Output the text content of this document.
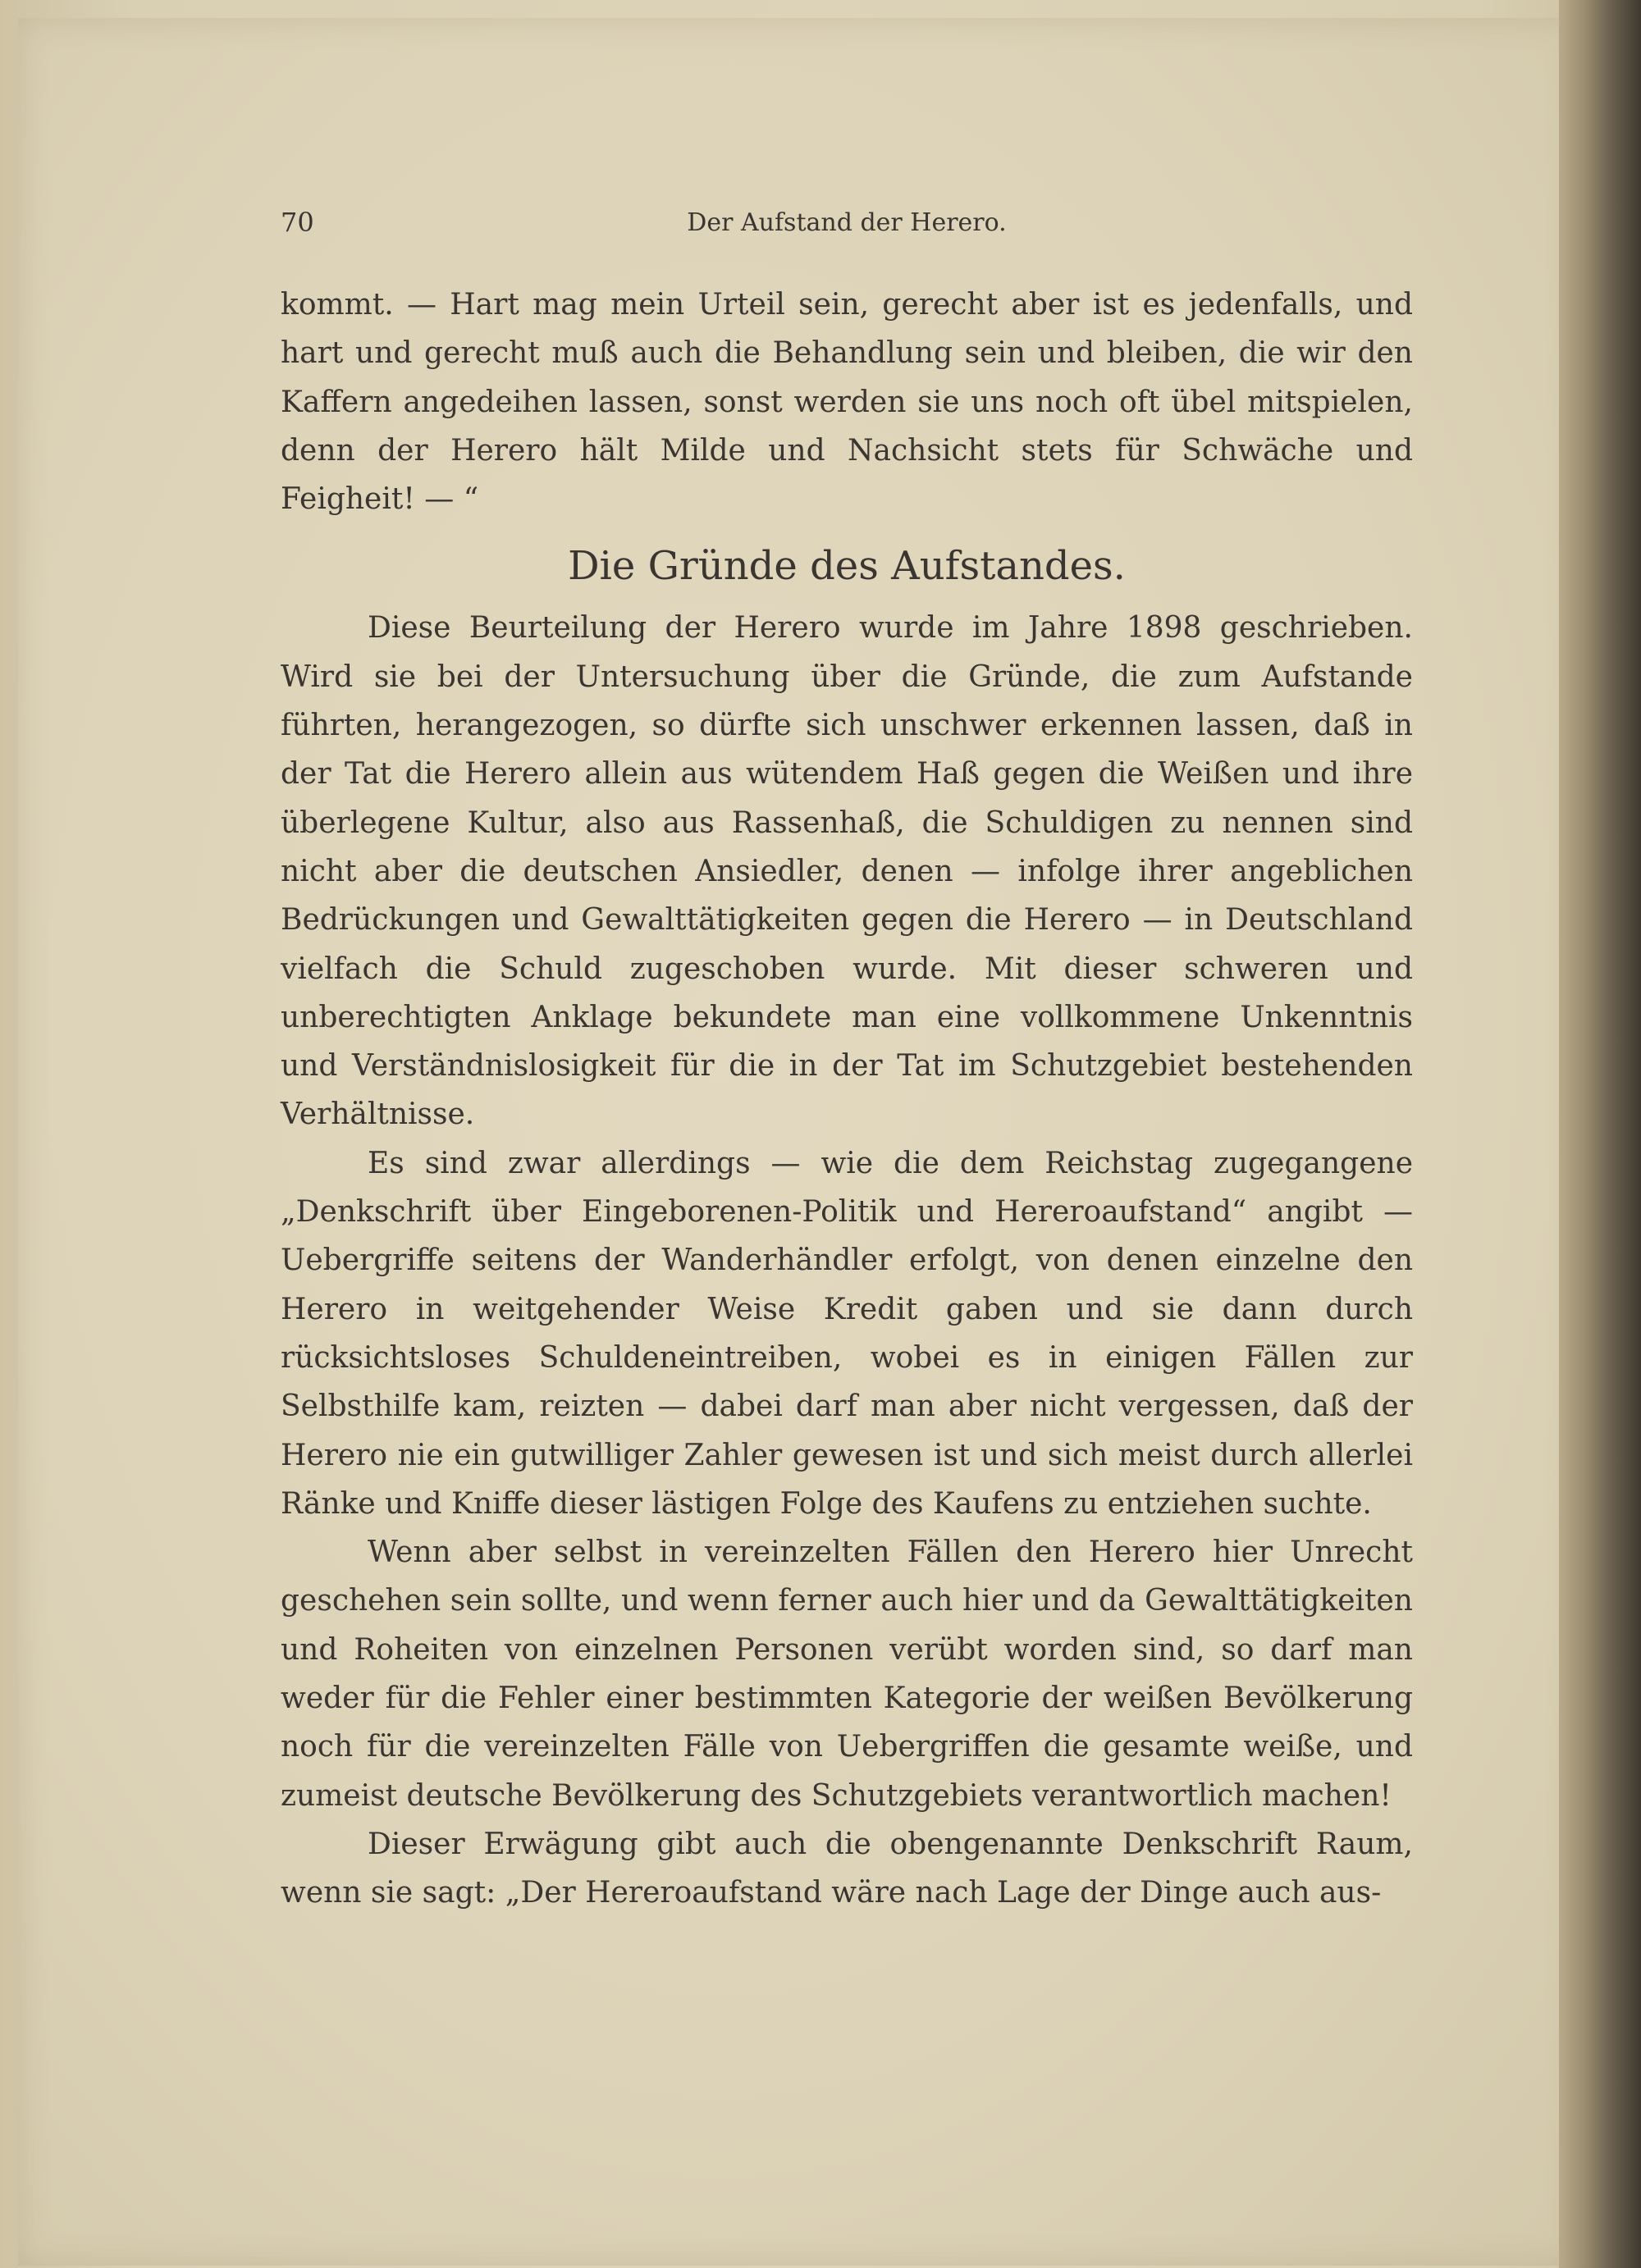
70	Der Aufstand der Herero.

kommt. — Hart mag mein Urteil sein, gerecht aber ist es jedenfalls, und hart und gerecht muß auch die Behandlung sein und bleiben, die wir den Kaffern angedeihen lassen, sonst werden sie uns noch oft übel mitspielen, denn der Herero hält Milde und Nachsicht stets für Schwäche und Feigheit! — “

Die Gründe des Aufstandes.

Diese Beurteilung der Herero wurde im Jahre 1898 geschrieben. Wird sie bei der Untersuchung über die Gründe, die zum Aufstande führten, herangezogen, so dürfte sich unschwer erkennen lassen, daß in der Tat die Herero allein aus wütendem Haß gegen die Weißen und ihre überlegene Kultur, also aus Rassenhaß, die Schuldigen zu nennen sind nicht aber die deutschen Ansiedler, denen — infolge ihrer angeblichen Bedrückungen und Gewalttätigkeiten gegen die Herero — in Deutschland vielfach die Schuld zugeschoben wurde. Mit dieser schweren und unberechtigten Anklage bekundete man eine vollkommene Unkenntnis und Verständnislosigkeit für die in der Tat im Schutzgebiet bestehenden Verhältnisse.

Es sind zwar allerdings — wie die dem Reichstag zugegangene „Denkschrift über Eingeborenen-Politik und Hereroaufstand“ angibt — Uebergriffe seitens der Wanderhändler erfolgt, von denen einzelne den Herero in weitgehender Weise Kredit gaben und sie dann durch rücksichtsloses Schuldeneintreiben, wobei es in einigen Fällen zur Selbsthilfe kam, reizten — dabei darf man aber nicht vergessen, daß der Herero nie ein gutwilliger Zahler gewesen ist und sich meist durch allerlei Ränke und Kniffe dieser lästigen Folge des Kaufens zu entziehen suchte.

Wenn aber selbst in vereinzelten Fällen den Herero hier Unrecht geschehen sein sollte, und wenn ferner auch hier und da Gewalttätigkeiten und Roheiten von einzelnen Personen verübt worden sind, so darf man weder für die Fehler einer bestimmten Kategorie der weißen Bevölkerung noch für die vereinzelten Fälle von Uebergriffen die gesamte weiße, und zumeist deutsche Bevölkerung des Schutzgebiets verantwortlich machen!

Dieser Erwägung gibt auch die obengenannte Denkschrift Raum, wenn sie sagt: „Der Hereroaufstand wäre nach Lage der Dinge auch aus-
